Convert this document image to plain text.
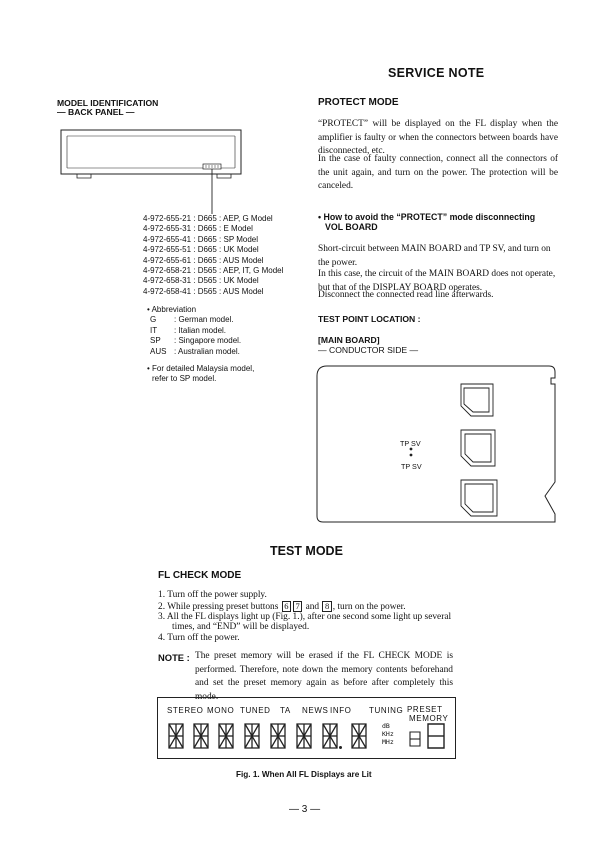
SERVICE NOTE
MODEL IDENTIFICATION
— BACK PANEL —
4-972-655-21 : D665 : AEP, G Model
4-972-655-31 : D665 : E Model
4-972-655-41 : D665 : SP Model
4-972-655-51 : D665 : UK Model
4-972-655-61 : D665 : AUS Model
4-972-658-21 : D565 : AEP, IT, G Model
4-972-658-31 : D565 : UK Model
4-972-658-41 : D565 : AUS Model
• Abbreviation
G : German model.
IT : Italian model.
SP : Singapore model.
AUS : Australian model.
• For detailed Malaysia model,
refer to SP model.
PROTECT MODE
“PROTECT” will be displayed on the FL display when the amplifier is faulty or when the connectors between boards have disconnected, etc.
In the case of faulty connection, connect all the connectors of the unit again, and turn on the power. The protection will be canceled.
• How to avoid the “PROTECT” mode disconnecting
VOL BOARD
Short-circuit between MAIN BOARD and TP SV, and turn on the power.
In this case, the circuit of the MAIN BOARD does not operate, but that of the DISPLAY BOARD operates.
Disconnect the connected read line afterwards.
TEST POINT LOCATION :
[MAIN BOARD]
— CONDUCTOR SIDE —
TP SV
TP SV
TEST MODE
FL CHECK MODE
1. Turn off the power supply.
2. While pressing preset buttons 6 7 and 8 , turn on the power.
3. All the FL displays light up (Fig. 1.), after one second some light up several
times, and “END” will be displayed.
4. Turn off the power.
NOTE : The preset memory will be erased if the FL CHECK MODE is performed. Therefore, note down the memory contents beforehand and set the preset memory again as before after completely this mode.
STEREO MONO TUNED TA NEWS INFO TUNING PRESET
MEMORY
dB
KHz
MHz
Fig. 1. When All FL Displays are Lit
— 3 —
